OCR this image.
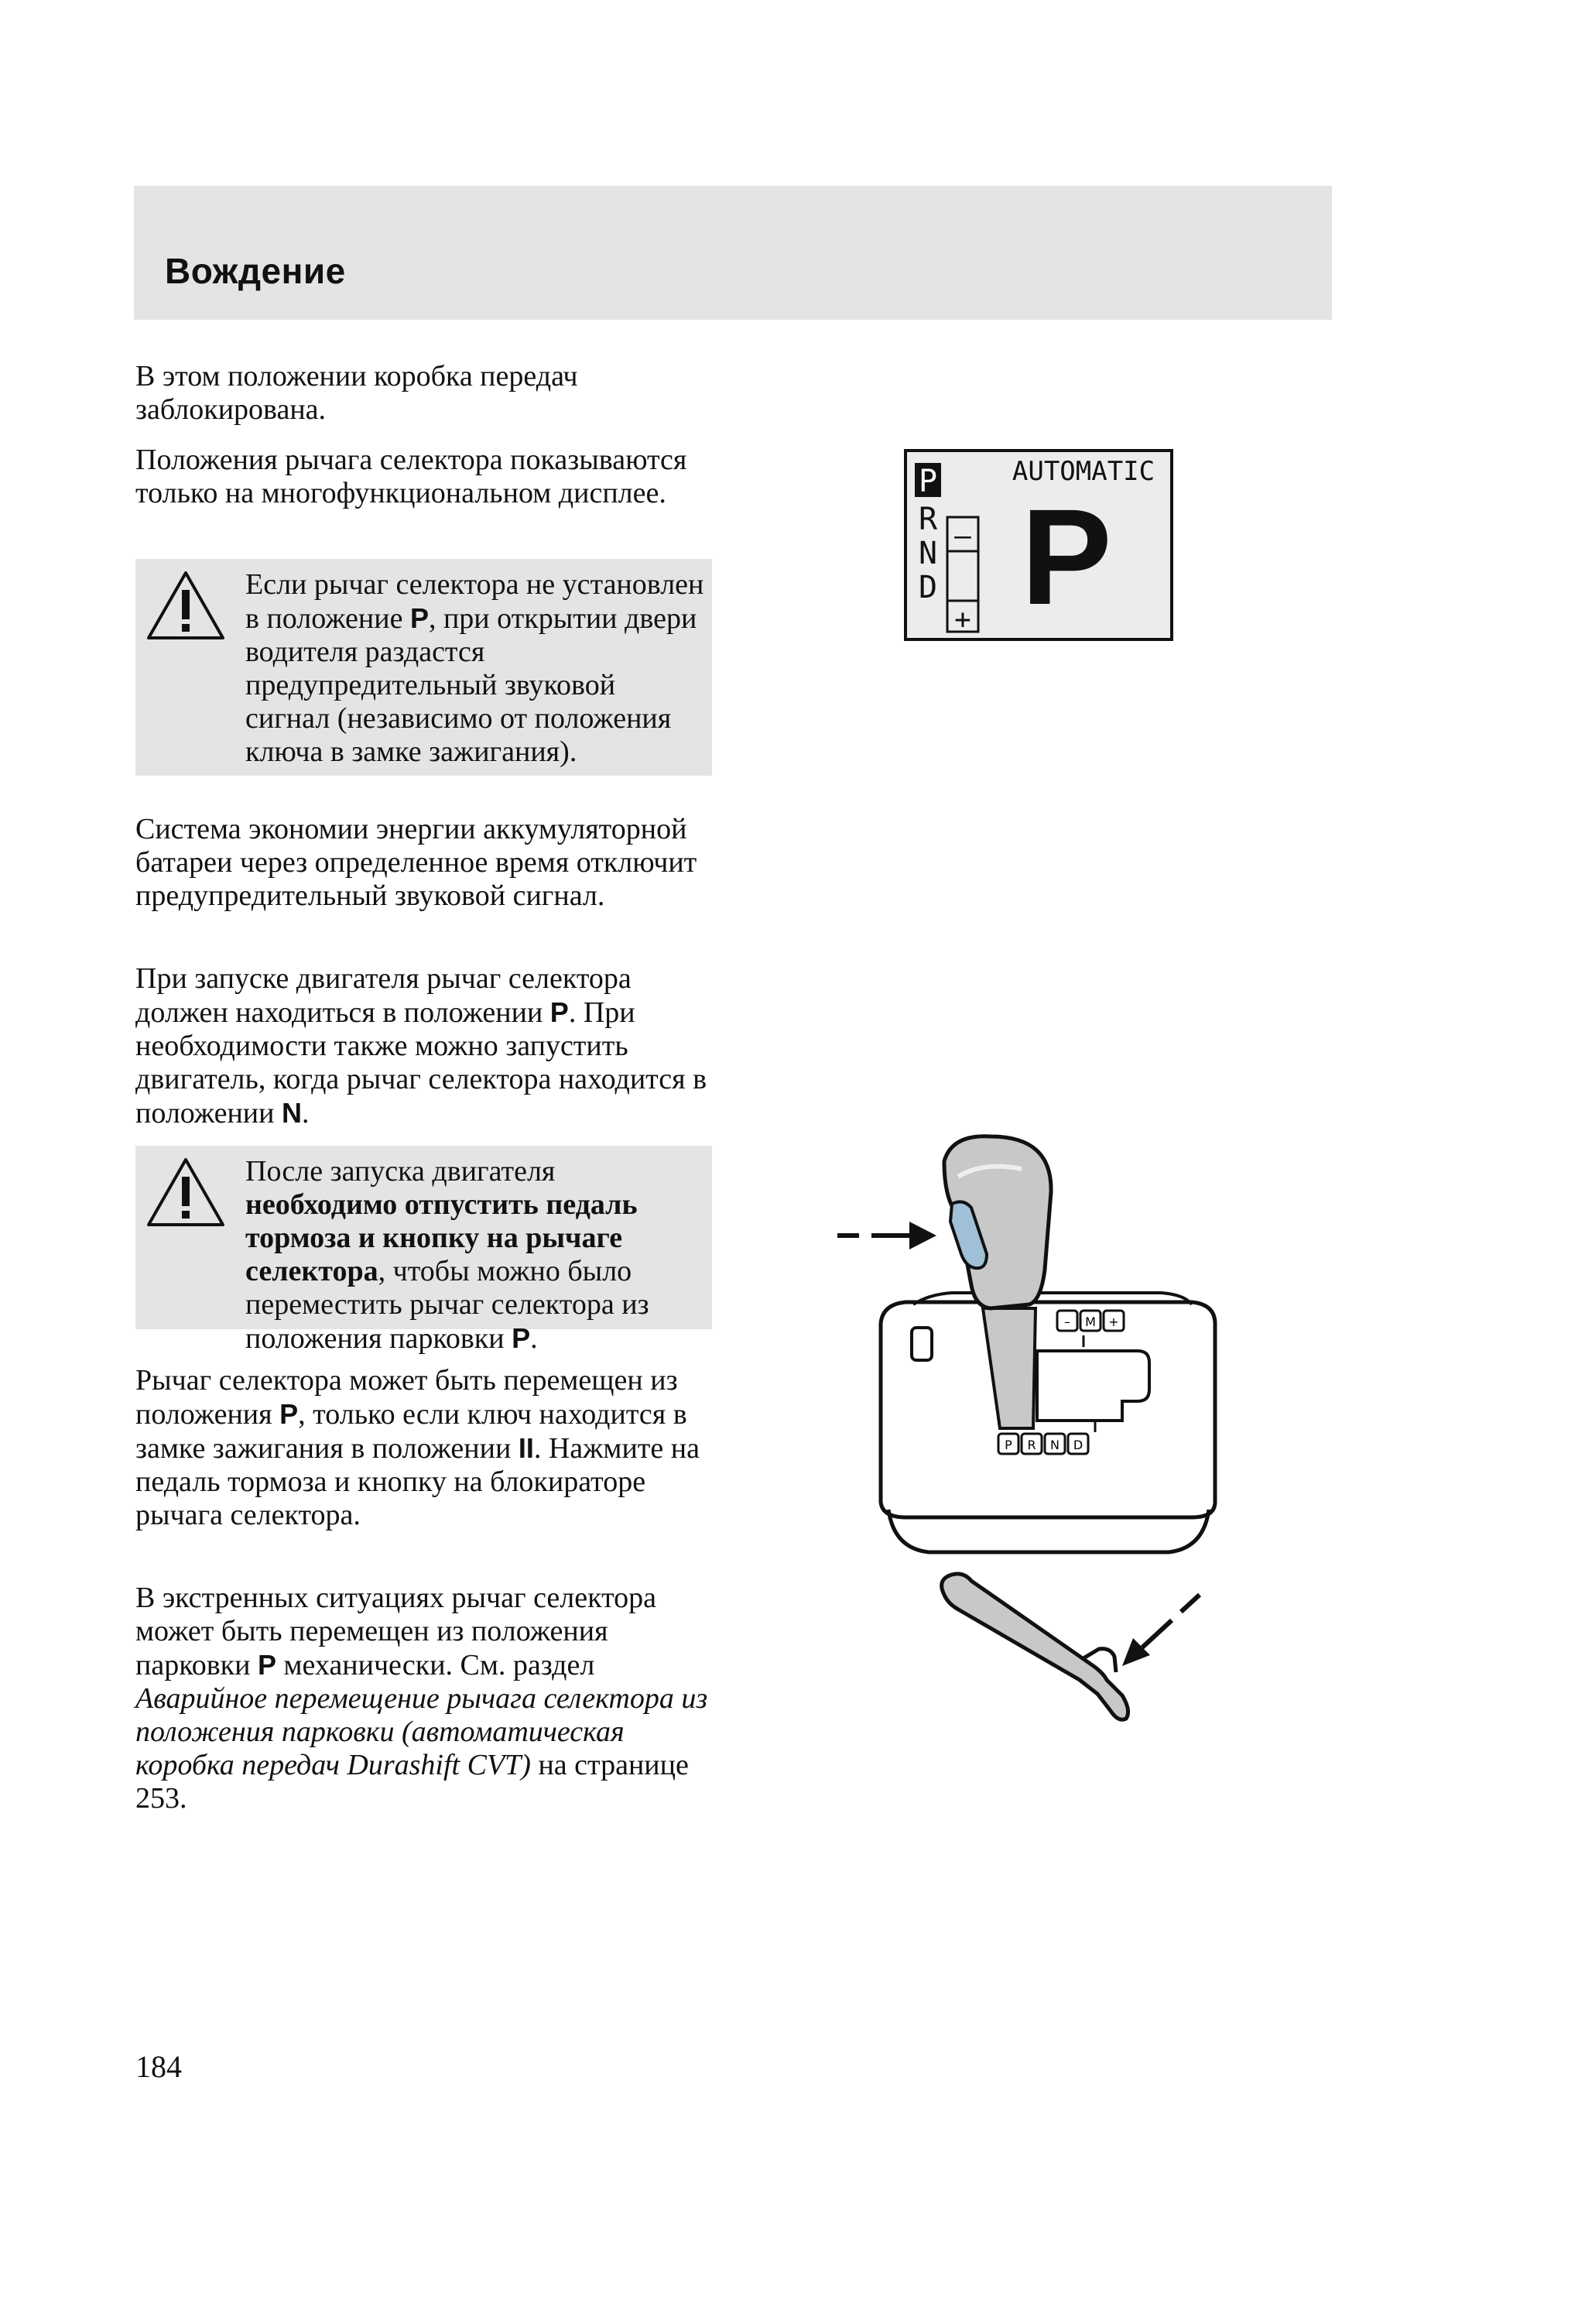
Вождение

В этом положении коробка передач заблокирована.

Положения рычага селектора показываются только на многофункциональном дисплее.

Если рычаг селектора не установлен в положение P, при открытии двери водителя раздастся предупредительный звуковой сигнал (независимо от положения ключа в замке зажигания).

Система экономии энергии аккумуляторной батареи через определенное время отключит предупредительный звуковой сигнал.

При запуске двигателя рычаг селектора должен находиться в положении P. При необходимости также можно запустить двигатель, когда рычаг селектора находится в положении N.

После запуска двигателя необходимо отпустить педаль тормоза и кнопку на рычаге селектора, чтобы можно было переместить рычаг селектора из положения парковки P.

Рычаг селектора может быть перемещен из положения P, только если ключ находится в замке зажигания в положении II. Нажмите на педаль тормоза и кнопку на блокираторе рычага селектора.

В экстренных ситуациях рычаг селектора может быть перемещен из положения парковки P механически. См. раздел Аварийное перемещение рычага селектора из положения парковки (автоматическая коробка передач Durashift CVT) на странице 253.

P
R
N
D
–
+
AUTOMATIC
P
– M +
P R N D
184
